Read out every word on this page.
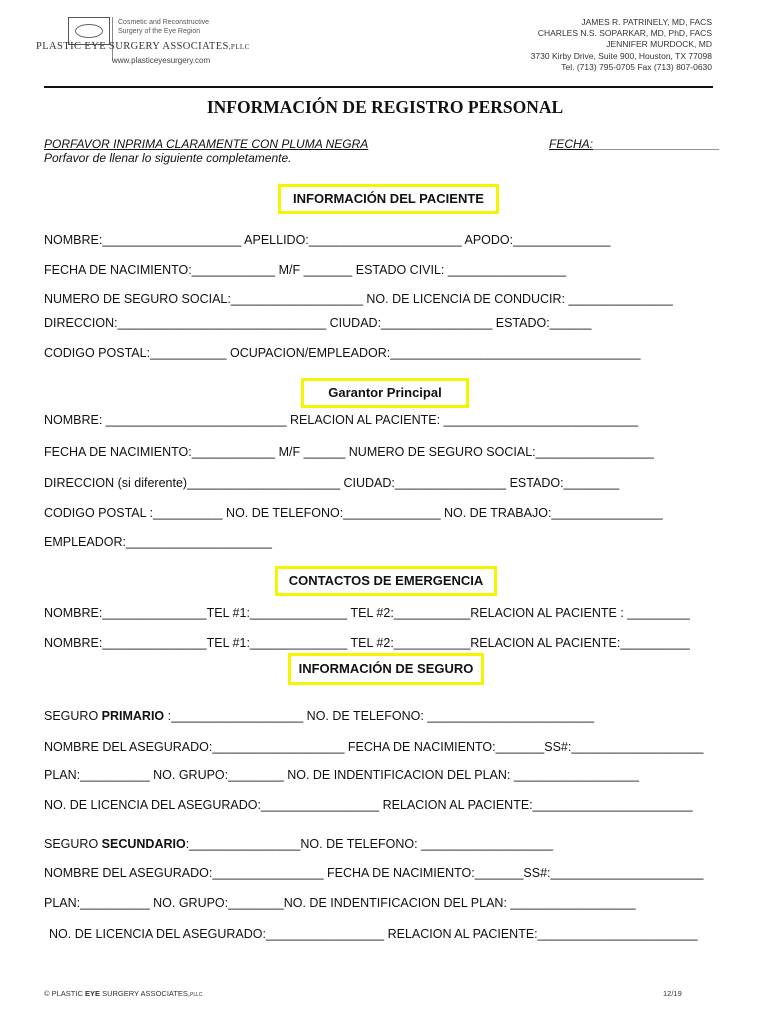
Cosmetic and Reconstructive
Surgery of the Eye Region
PLASTIC EYE SURGERY ASSOCIATES,PLLC
www.plasticeyesurgery.com
JAMES R. PATRINELY, MD, FACS
CHARLES N.S. SOPARKAR, MD, PhD, FACS
JENNIFER MURDOCK, MD
3730 Kirby Drive, Suite 900, Houston, TX 77098
Tel. (713) 795-0705 Fax (713) 807-0630
INFORMACIÓN DE REGISTRO PERSONAL
PORFAVOR INPRIMA CLARAMENTE CON PLUMA NEGRA
Porfavor de llenar lo siguiente completamente.
FECHA:___________________
INFORMACIÓN DEL PACIENTE
NOMBRE:____________________ APELLIDO:______________________ APODO:______________
FECHA DE NACIMIENTO:____________ M/F _______ ESTADO CIVIL: _________________
NUMERO DE SEGURO SOCIAL:___________________ NO. DE LICENCIA DE CONDUCIR: _______________
DIRECCION:______________________________ CIUDAD:________________ ESTADO:______
CODIGO POSTAL:___________ OCUPACION/EMPLEADOR:____________________________________
Garantor Principal
NOMBRE: __________________________ RELACION AL PACIENTE: ____________________________
FECHA DE NACIMIENTO:____________ M/F ______ NUMERO DE SEGURO SOCIAL:_________________
DIRECCION (si diferente)______________________ CIUDAD:________________ ESTADO:________
CODIGO POSTAL :__________ NO. DE TELEFONO:______________ NO. DE TRABAJO:________________
EMPLEADOR:_____________________
CONTACTOS DE EMERGENCIA
NOMBRE:_______________TEL #1:______________ TEL #2:___________RELACION AL PACIENTE : _________
NOMBRE:_______________TEL #1:______________ TEL #2:___________RELACION AL PACIENTE:__________
INFORMACIÓN DE SEGURO
SEGURO PRIMARIO :___________________ NO. DE TELEFONO: ________________________
NOMBRE DEL ASEGURADO:___________________ FECHA DE NACIMIENTO:_______SS#:___________________
PLAN:__________ NO. GRUPO:________ NO. DE INDENTIFICACION DEL PLAN: __________________
NO. DE LICENCIA DEL ASEGURADO:_________________ RELACION AL PACIENTE:_______________________
SEGURO SECUNDARIO:________________NO. DE TELEFONO: ___________________
NOMBRE DEL ASEGURADO:________________ FECHA DE NACIMIENTO:_______SS#:______________________
PLAN:__________ NO. GRUPO:________NO. DE INDENTIFICACION DEL PLAN: __________________
NO. DE LICENCIA DEL ASEGURADO:_________________ RELACION AL PACIENTE:_______________________
© PLASTIC EYE SURGERY ASSOCIATES,PLLC	12/19
